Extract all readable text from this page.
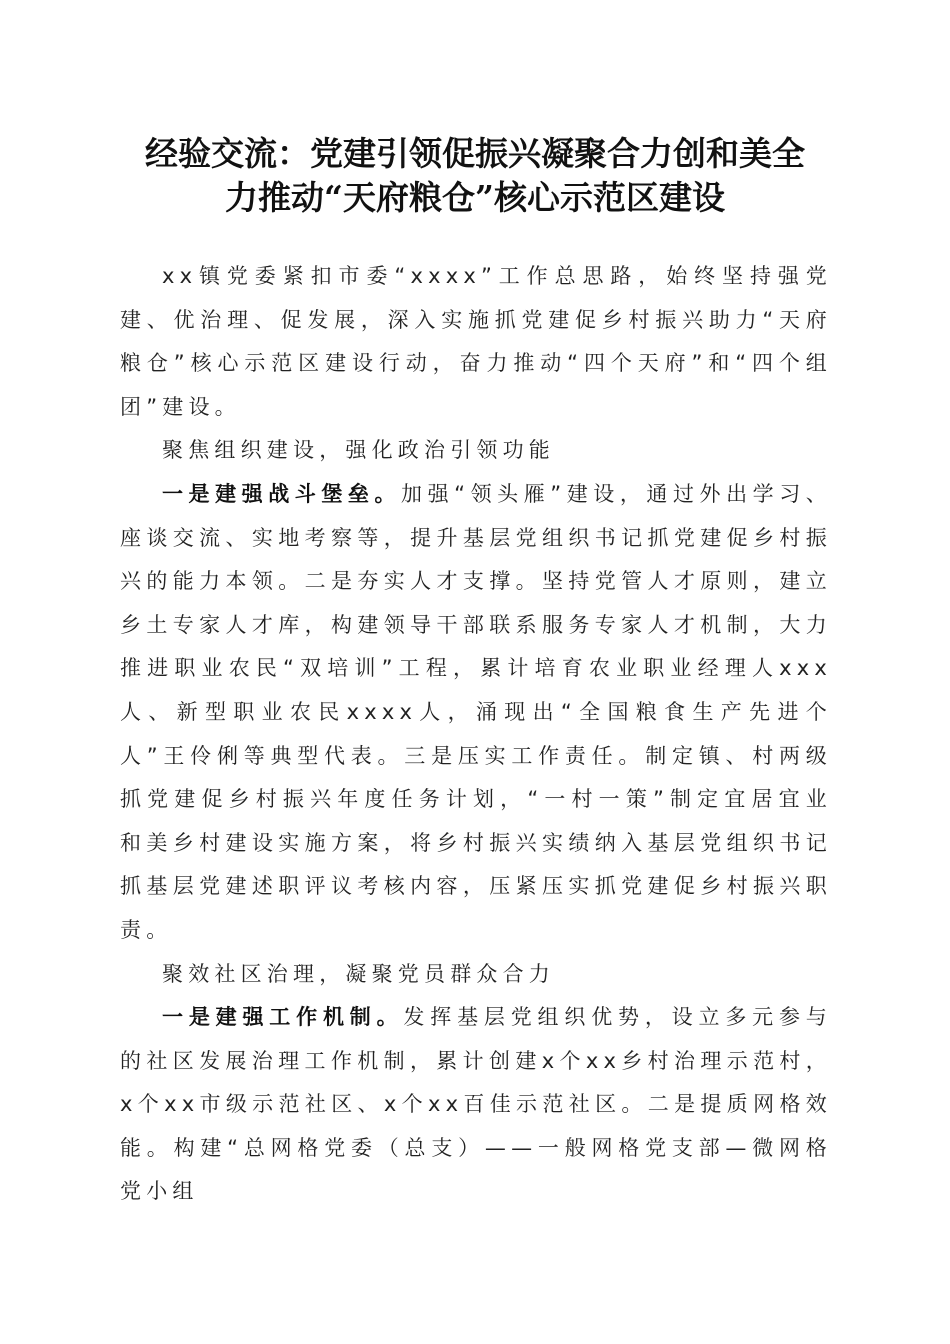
经验交流：党建引领促振兴凝聚合力创和美全
力推动“天府粮仓”核心示范区建设

xx镇党委紧扣市委“xxxx”工作总思路，始终坚持强党建、优治理、促发展，深入实施抓党建促乡村振兴助力“天府粮仓”核心示范区建设行动，奋力推动“四个天府”和“四个组团”建设。

聚焦组织建设，强化政治引领功能

一是建强战斗堡垒。加强“领头雁”建设，通过外出学习、座谈交流、实地考察等，提升基层党组织书记抓党建促乡村振兴的能力本领。二是夯实人才支撑。坚持党管人才原则，建立乡土专家人才库，构建领导干部联系服务专家人才机制，大力推进职业农民“双培训”工程，累计培育农业职业经理人xxx人、新型职业农民xxxx人，涌现出“全国粮食生产先进个人”王伶俐等典型代表。三是压实工作责任。制定镇、村两级抓党建促乡村振兴年度任务计划，“一村一策”制定宜居宜业和美乡村建设实施方案，将乡村振兴实绩纳入基层党组织书记抓基层党建述职评议考核内容，压紧压实抓党建促乡村振兴职责。

聚效社区治理，凝聚党员群众合力

一是建强工作机制。发挥基层党组织优势，设立多元参与的社区发展治理工作机制，累计创建x个xx乡村治理示范村，x个xx市级示范社区、x个xx百佳示范社区。二是提质网格效能。构建“总网格党委（总支）——一般网格党支部—微网格党小组
